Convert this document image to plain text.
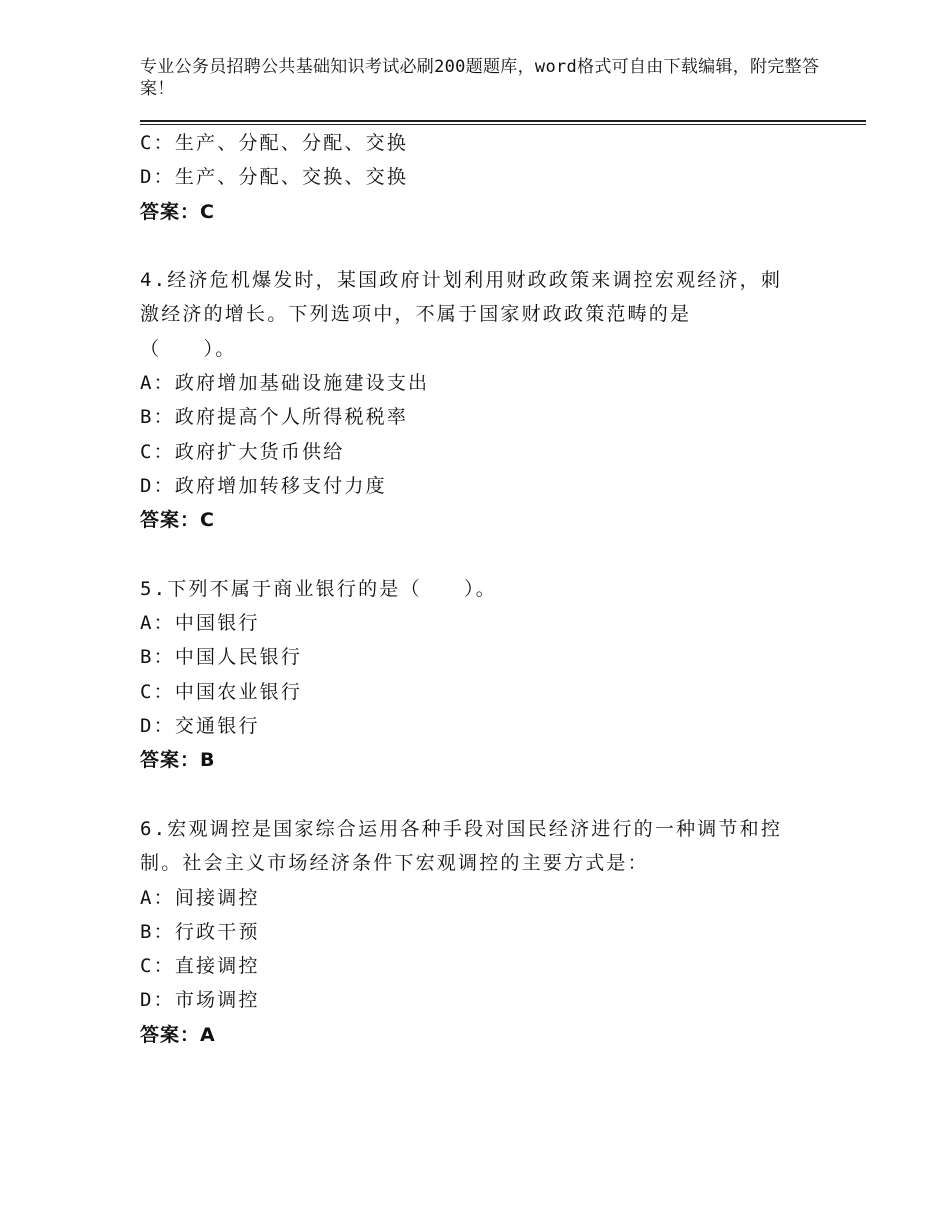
专业公务员招聘公共基础知识考试必刷200题题库，word格式可自由下载编辑，附完整答案！
C：生产、分配、分配、交换
D：生产、分配、交换、交换
答案：C
4.经济危机爆发时，某国政府计划利用财政政策来调控宏观经济，刺
激经济的增长。下列选项中，不属于国家财政政策范畴的是
（　　）。
A：政府增加基础设施建设支出
B：政府提高个人所得税税率
C：政府扩大货币供给
D：政府增加转移支付力度
答案：C
5.下列不属于商业银行的是（　　）。
A：中国银行
B：中国人民银行
C：中国农业银行
D：交通银行
答案：B
6.宏观调控是国家综合运用各种手段对国民经济进行的一种调节和控
制。社会主义市场经济条件下宏观调控的主要方式是：
A：间接调控
B：行政干预
C：直接调控
D：市场调控
答案：A
